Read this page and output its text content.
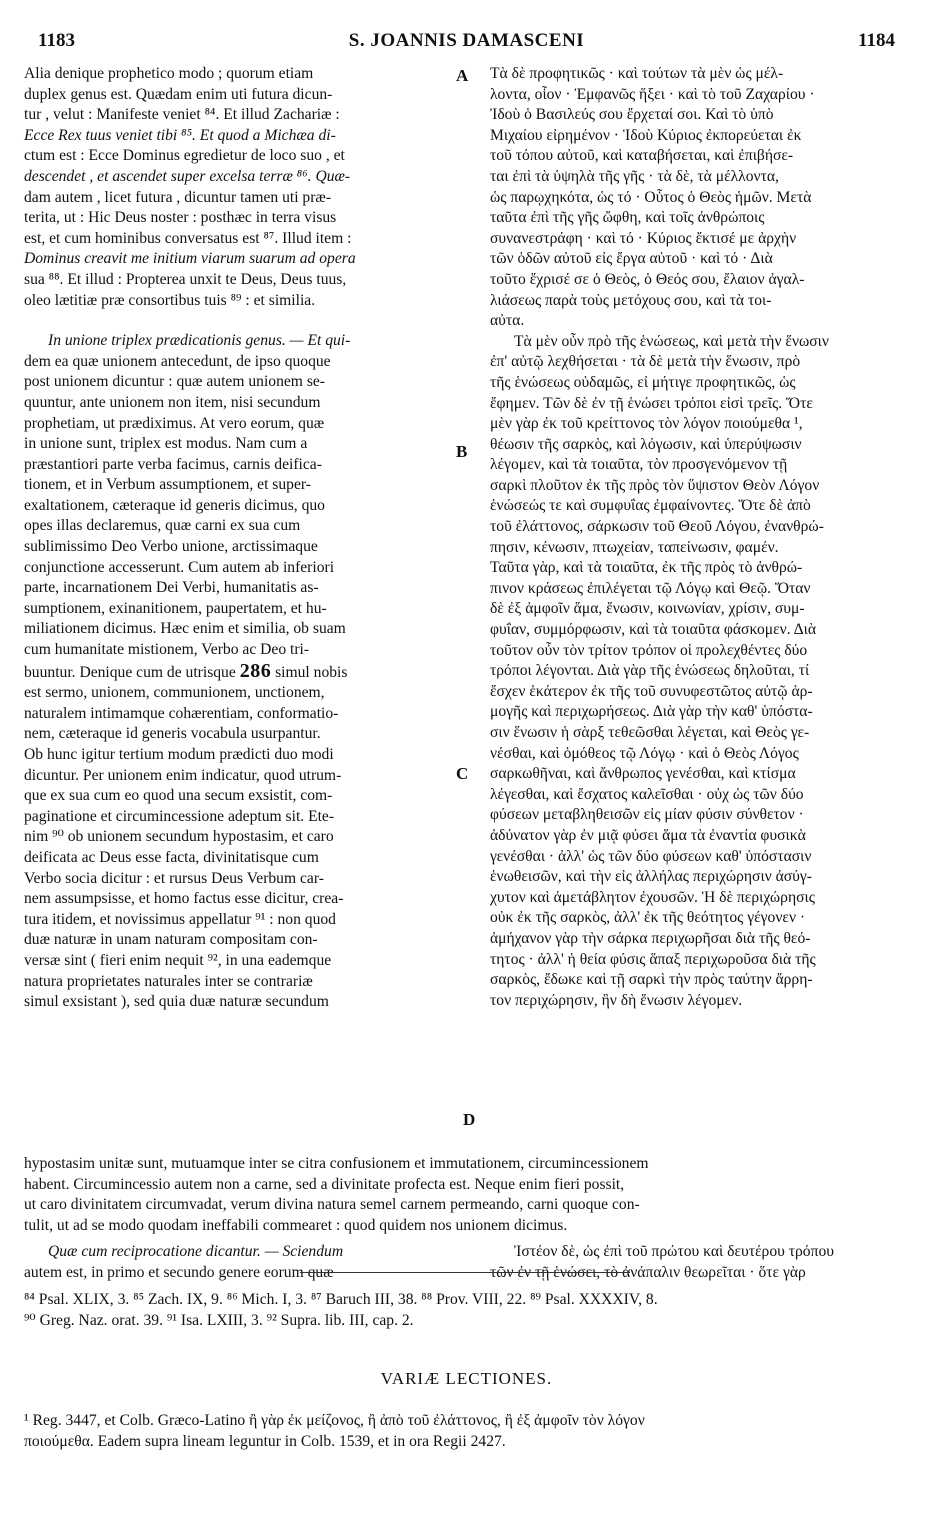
1183	S. JOANNIS DAMASCENI	1184
A
B
C
D

Alia denique prophetico modo ; quorum etiam

duplex genus est. Quædam enim uti futura dicun-

tur , velut : Manifeste veniet ⁸⁴. Et illud Zachariæ :

Ecce Rex tuus veniet tibi ⁸⁵. Et quod a Michæa di-

ctum est : Ecce Dominus egredietur de loco suo , et

descendet , et ascendet super excelsa terræ ⁸⁶. Quæ-

dam autem , licet futura , dicuntur tamen uti præ-

terita, ut : Hic Deus noster : posthæc in terra visus

est, et cum hominibus conversatus est ⁸⁷. Illud item :

Dominus creavit me initium viarum suarum ad opera

sua ⁸⁸. Et illud : Propterea unxit te Deus, Deus tuus,

oleo lætitiæ præ consortibus tuis ⁸⁹ : et similia.

In unione triplex prædicationis genus. — Et qui-

dem ea quæ unionem antecedunt, de ipso quoque

post unionem dicuntur : quæ autem unionem se-

quuntur, ante unionem non item, nisi secundum

prophetiam, ut prædiximus. At vero eorum, quæ

in unione sunt, triplex est modus. Nam cum a

præstantiori parte verba facimus, carnis deifica-

tionem, et in Verbum assumptionem, et super-

exaltationem, cæteraque id generis dicimus, quo

opes illas declaremus, quæ carni ex sua cum

sublimissimo Deo Verbo unione, arctissimaque

conjunctione accesserunt. Cum autem ab inferiori

parte, incarnationem Dei Verbi, humanitatis as-

sumptionem, exinanitionem, paupertatem, et hu-

miliationem dicimus. Hæc enim et similia, ob suam

cum humanitate mistionem, Verbo ac Deo tri-

buuntur. Denique cum de utrisque 286 simul nobis

est sermo, unionem, communionem, unctionem,

naturalem intimamque cohærentiam, conformatio-

nem, cæteraque id generis vocabula usurpantur.

Ob hunc igitur tertium modum prædicti duo modi

dicuntur. Per unionem enim indicatur, quod utrum-

que ex sua cum eo quod una secum exsistit, com-

paginatione et circumincessione adeptum sit. Ete-

nim ⁹⁰ ob unionem secundum hypostasim, et caro

deificata ac Deus esse facta, divinitatisque cum

Verbo socia dicitur : et rursus Deus Verbum car-

nem assumpsisse, et homo factus esse dicitur, crea-

tura itidem, et novissimus appellatur ⁹¹ : non quod

duæ naturæ in unam naturam compositam con-

versæ sint ( fieri enim nequit ⁹², in una eademque

natura proprietates naturales inter se contrariæ

simul exsistant ), sed quia duæ naturæ secundum

Τὰ δὲ προφητικῶς · καὶ τούτων τὰ μὲν ὡς μέλ-

λοντα, οἷον · Ἐμφανῶς ἥξει · καὶ τὸ τοῦ Ζαχαρίου ·

Ἰδοὺ ὁ Βασιλεύς σου ἔρχεταί σοι. Καὶ τὸ ὑπὸ

Μιχαίου εἰρημένον · Ἰδοὺ Κύριος ἐκπορεύεται ἐκ

τοῦ τόπου αὐτοῦ, καὶ καταβήσεται, καὶ ἐπιβήσε-

ται ἐπὶ τὰ ὑψηλὰ τῆς γῆς · τὰ δὲ, τὰ μέλλοντα,

ὡς παρῳχηκότα, ὡς τό · Οὗτος ὁ Θεὸς ἡμῶν. Μετὰ

ταῦτα ἐπὶ τῆς γῆς ὤφθη, καὶ τοῖς ἀνθρώποις

συνανεστράφη · καὶ τό · Κύριος ἔκτισέ με ἀρχὴν

τῶν ὁδῶν αὐτοῦ εἰς ἔργα αὐτοῦ · καὶ τό · Διὰ

τοῦτο ἔχρισέ σε ὁ Θεὸς, ὁ Θεός σου, ἔλαιον ἀγαλ-

λιάσεως παρὰ τοὺς μετόχους σου, καὶ τὰ τοι-

αὐτα.

Τὰ μὲν οὖν πρὸ τῆς ἑνώσεως, καὶ μετὰ τὴν ἕνωσιν

ἐπ' αὐτῷ λεχθήσεται · τὰ δὲ μετὰ τὴν ἕνωσιν, πρὸ

τῆς ἑνώσεως οὐδαμῶς, εἰ μήτιγε προφητικῶς, ὡς

ἔφημεν. Τῶν δὲ ἐν τῇ ἑνώσει τρόποι εἰσὶ τρεῖς. Ὅτε

μὲν γὰρ ἐκ τοῦ κρείττονος τὸν λόγον ποιούμεθα ¹,

θέωσιν τῆς σαρκὸς, καὶ λόγωσιν, καὶ ὑπερύψωσιν

λέγομεν, καὶ τὰ τοιαῦτα, τὸν προσγενόμενον τῇ

σαρκὶ πλοῦτον ἐκ τῆς πρὸς τὸν ὕψιστον Θεὸν Λόγον

ἑνώσεώς τε καὶ συμφυΐας ἐμφαίνοντες. Ὅτε δὲ ἀπὸ

τοῦ ἐλάττονος, σάρκωσιν τοῦ Θεοῦ Λόγου, ἐνανθρώ-

πησιν, κένωσιν, πτωχείαν, ταπείνωσιν, φαμέν.

Ταῦτα γὰρ, καὶ τὰ τοιαῦτα, ἐκ τῆς πρὸς τὸ ἀνθρώ-

πινον κράσεως ἐπιλέγεται τῷ Λόγῳ καὶ Θεῷ. Ὅταν

δὲ ἐξ ἀμφοῖν ἅμα, ἕνωσιν, κοινωνίαν, χρίσιν, συμ-

φυΐαν, συμμόρφωσιν, καὶ τὰ τοιαῦτα φάσκομεν. Διὰ

τοῦτον οὖν τὸν τρίτον τρόπον οἱ προλεχθέντες δύο

τρόποι λέγονται. Διὰ γὰρ τῆς ἑνώσεως δηλοῦται, τί

ἔσχεν ἑκάτερον ἐκ τῆς τοῦ συνυφεστῶτος αὐτῷ ἁρ-

μογῆς καὶ περιχωρήσεως. Διὰ γὰρ τὴν καθ' ὑπόστα-

σιν ἕνωσιν ἡ σὰρξ τεθεῶσθαι λέγεται, καὶ Θεὸς γε-

νέσθαι, καὶ ὁμόθεος τῷ Λόγῳ · καὶ ὁ Θεὸς Λόγος

σαρκωθῆναι, καὶ ἄνθρωπος γενέσθαι, καὶ κτίσμα

λέγεσθαι, καὶ ἔσχατος καλεῖσθαι · οὐχ ὡς τῶν δύο

φύσεων μεταβληθεισῶν εἰς μίαν φύσιν σύνθετον ·

ἀδύνατον γὰρ ἐν μιᾷ φύσει ἅμα τὰ ἐναντία φυσικὰ

γενέσθαι · ἀλλ' ὡς τῶν δύο φύσεων καθ' ὑπόστασιν

ἑνωθεισῶν, καὶ τὴν εἰς ἀλλήλας περιχώρησιν ἀσύγ-

χυτον καὶ ἀμετάβλητον ἐχουσῶν. Ἡ δὲ περιχώρησις

οὐκ ἐκ τῆς σαρκὸς, ἀλλ' ἐκ τῆς θεότητος γέγονεν ·

ἀμήχανον γὰρ τὴν σάρκα περιχωρῆσαι διὰ τῆς θεό-

τητος · ἀλλ' ἡ θεία φύσις ἅπαξ περιχωροῦσα διὰ τῆς

σαρκὸς, ἔδωκε καὶ τῇ σαρκὶ τὴν πρὸς ταύτην ἄρρη-

τον περιχώρησιν, ἣν δὴ ἕνωσιν λέγομεν.

hypostasim unitæ sunt, mutuamque inter se citra confusionem et immutationem, circumincessionem

habent. Circumincessio autem non a carne, sed a divinitate profecta est. Neque enim fieri possit,

ut caro divinitatem circumvadat, verum divina natura semel carnem permeando, carni quoque con-

tulit, ut ad se modo quodam ineffabili commearet : quod quidem nos unionem dicimus.

Quæ cum reciprocatione dicantur. — Sciendum

autem est, in primo et secundo genere eorum quæ

Ἰστέον δὲ, ὡς ἐπὶ τοῦ πρώτου καὶ δευτέρου τρόπου

τῶν ἐν τῇ ἑνώσει, τὸ ἀνάπαλιν θεωρεῖται · ὅτε γὰρ

⁸⁴ Psal. XLIX, 3. ⁸⁵ Zach. IX, 9. ⁸⁶ Mich. I, 3. ⁸⁷ Baruch III, 38. ⁸⁸ Prov. VIII, 22. ⁸⁹ Psal. XXXXIV, 8.

⁹⁰ Greg. Naz. orat. 39. ⁹¹ Isa. LXIII, 3. ⁹² Supra. lib. III, cap. 2.

VARIÆ LECTIONES.

¹ Reg. 3447, et Colb. Græco-Latino ἢ γὰρ ἐκ μείζονος, ἢ ἀπὸ τοῦ ἐλάττονος, ἢ ἐξ ἀμφοῖν τὸν λόγον

ποιούμεθα. Eadem supra lineam leguntur in Colb. 1539, et in ora Regii 2427.
